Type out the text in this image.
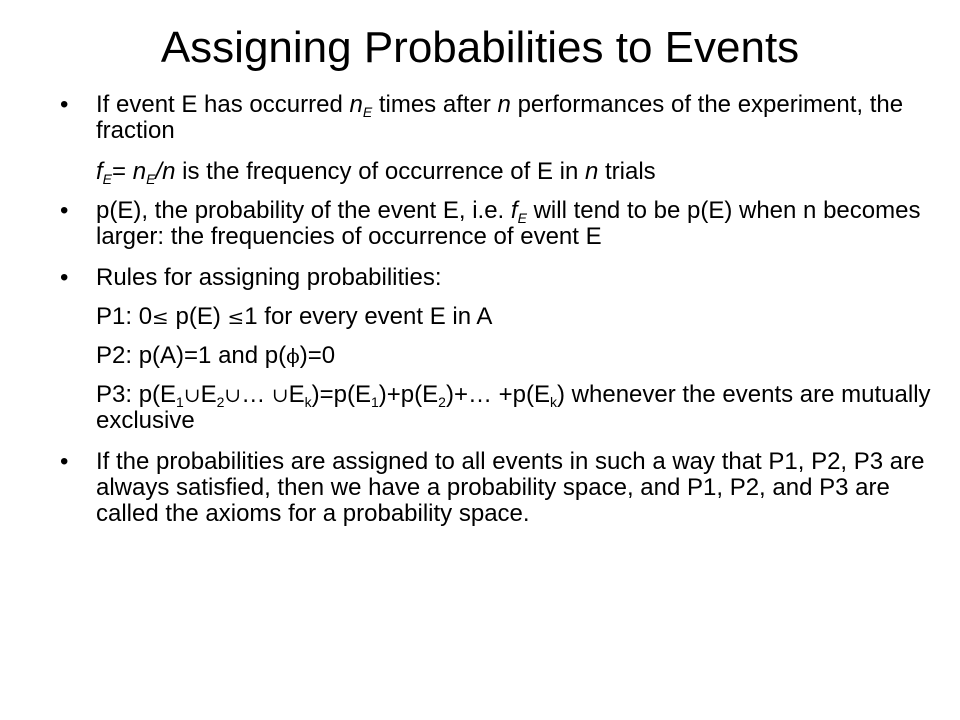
Assigning Probabilities to Events
• If event E has occurred $n_E$ times after n performances of the experiment, the fraction
$f_E= n_E/n$ is the frequency of occurrence of E in n trials
• p(E), the probability of the event E, i.e. $f_E$ will tend to be p(E) when n becomes larger: the frequencies of occurrence of event E
• Rules for assigning probabilities:
P1: 0≤ p(E) ≤1 for every event E in A
P2: p(A)=1 and p(ϕ)=0
P3: $p(E_1\cup E_2\cup\dots$ $\cup E_k)=p(E_1)+p(E_2)+\dots +p(E_k)$ whenever the events are mutually exclusive
• If the probabilities are assigned to all events in such a way that P1, P2, P3 are always satisfied, then we have a probability space, and P1, P2, and P3 are called the axioms for a probability space.
